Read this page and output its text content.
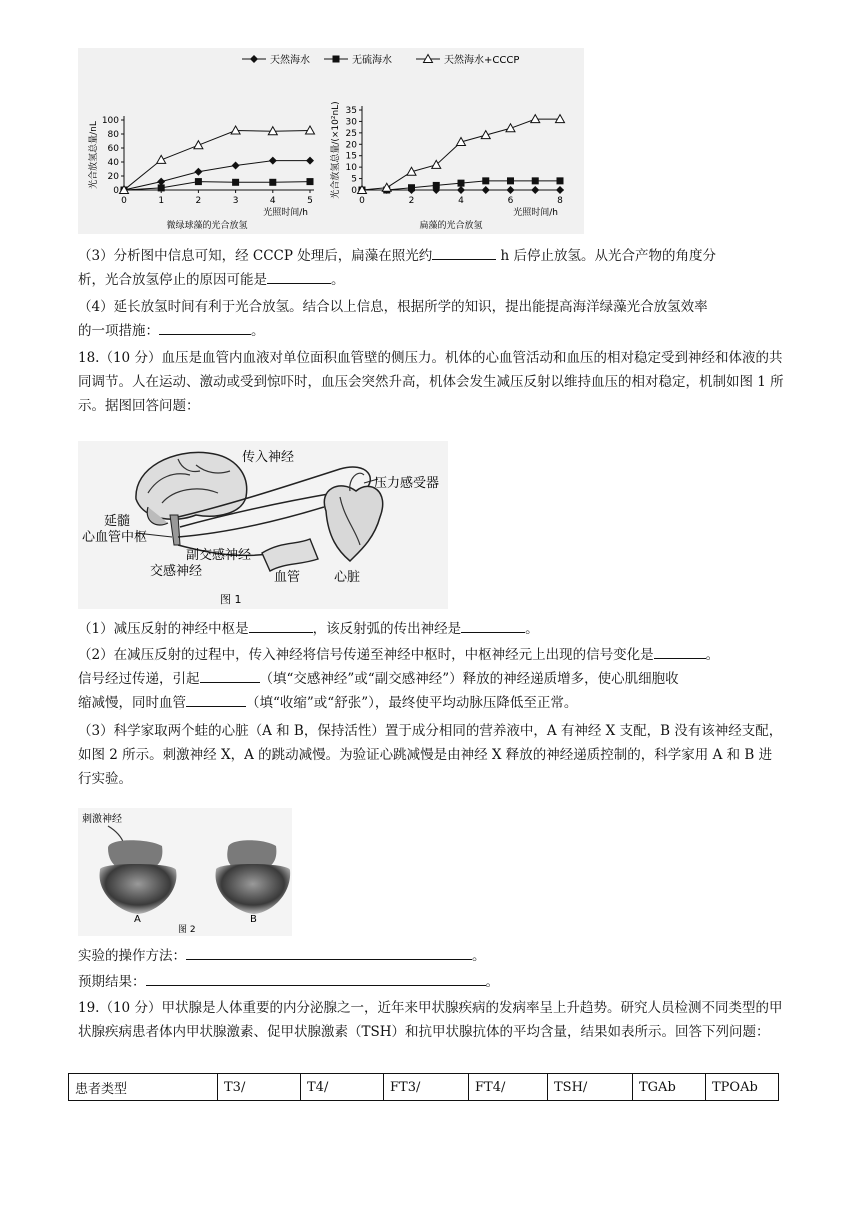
天然海水	无硫海水	天然海水+CCCP
0
20
40
60
80
100
0	1	2	3	4	5
光照时间/h
光合放氢总量/nL
微绿球藻的光合放氢
0
5
10
15
20
25
30
35
0	2	4	6	8
光照时间/h
光合放氢总量/(×10²nL)
扁藻的光合放氢
（3）分析图中信息可知，经 CCCP 处理后，扁藻在照光约	h 后停止放氢。从光合产物的角度分
析，光合放氢停止的原因可能是	。
（4）延长放氢时间有利于光合放氢。结合以上信息，根据所学的知识，提出能提高海洋绿藻光合放氢效率
的一项措施：	。
18.（10 分）血压是血管内血液对单位面积血管壁的侧压力。机体的心血管活动和血压的相对稳定受到神经和体液的共同调节。人在运动、激动或受到惊吓时，血压会突然升高，机体会发生减压反射以维持血压的相对稳定，机制如图 1 所示。据图回答问题：
传入神经
压力感受器
延髓
心血管中枢
副交感神经
交感神经	血管	心脏
图 1
（1）减压反射的神经中枢是	，该反射弧的传出神经是	。
（2）在减压反射的过程中，传入神经将信号传递至神经中枢时，中枢神经元上出现的信号变化是	。
信号经过传递，引起	（填“交感神经”或“副交感神经”）释放的神经递质增多，使心肌细胞收
缩减慢，同时血管	（填“收缩”或“舒张”），最终使平均动脉压降低至正常。
（3）科学家取两个蛙的心脏（A 和 B，保持活性）置于成分相同的营养液中，A 有神经 X 支配，B 没有该神经支配，如图 2 所示。刺激神经 X，A 的跳动减慢。为验证心跳减慢是由神经 X 释放的神经递质控制的，科学家用 A 和 B 进行实验。
刺激神经
A	B
图 2
实验的操作方法：	。
预期结果：	。
19.（10 分）甲状腺是人体重要的内分泌腺之一，近年来甲状腺疾病的发病率呈上升趋势。研究人员检测不同类型的甲状腺疾病患者体内甲状腺激素、促甲状腺激素（TSH）和抗甲状腺抗体的平均含量，结果如表所示。回答下列问题：
患者类型	T3/	T4/	FT3/	FT4/	TSH/	TGAb	TPOAb
